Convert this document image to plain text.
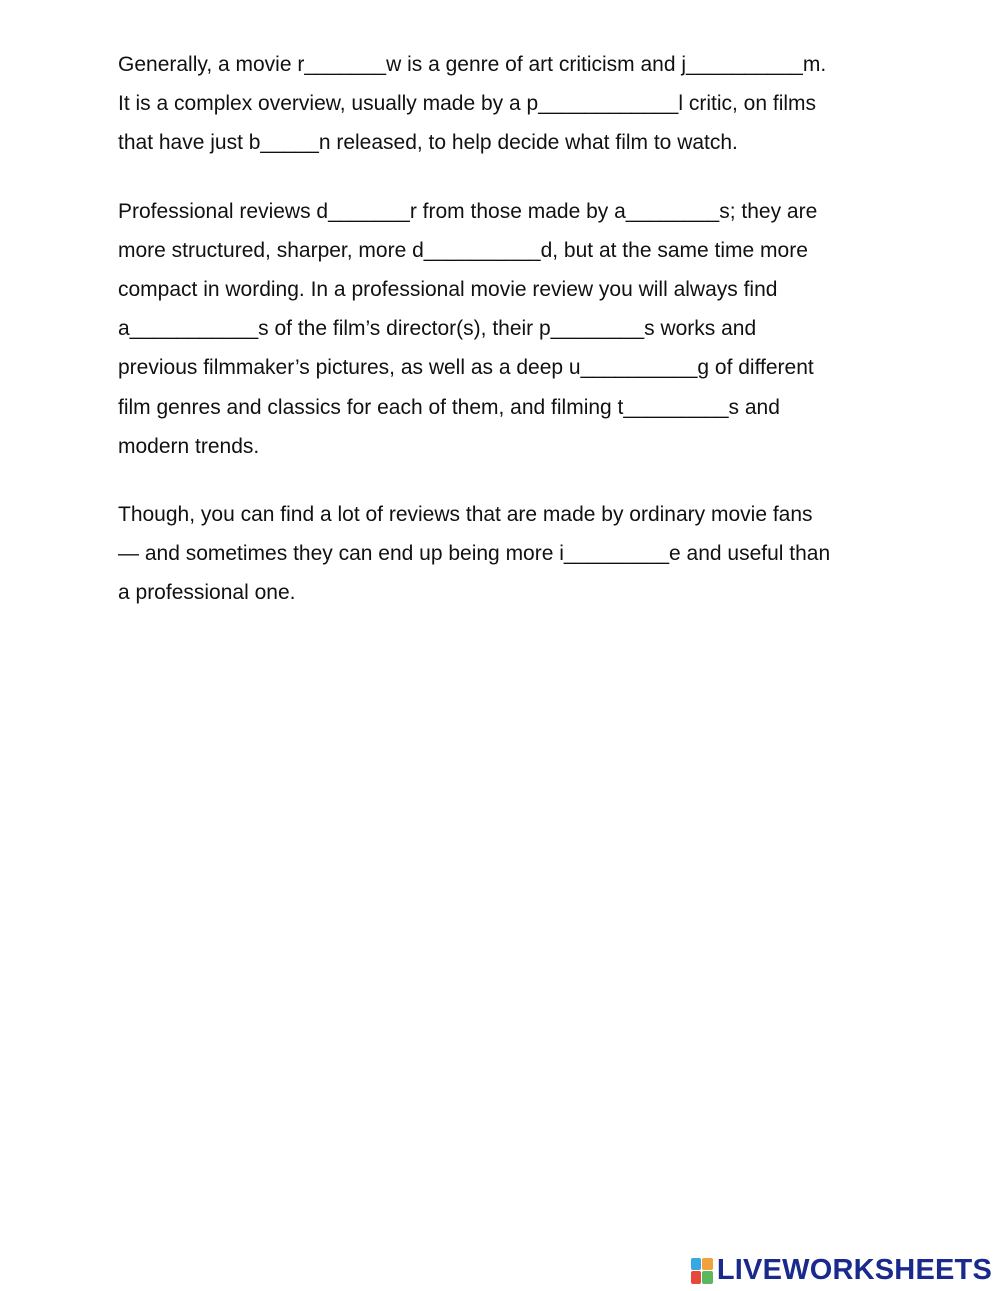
Generally, a movie r_______w is a genre of art criticism and j__________m.
It is a complex overview, usually made by a p____________l critic, on films
that have just b_____n released, to help decide what film to watch.

Professional reviews d_______r from those made by a________s; they are
more structured, sharper, more d__________d, but at the same time more
compact in wording. In a professional movie review you will always find
a___________s of the film’s director(s), their p________s works and
previous filmmaker’s pictures, as well as a deep u__________g of different
film genres and classics for each of them, and filming t_________s and
modern trends.

Though, you can find a lot of reviews that are made by ordinary movie fans
— and sometimes they can end up being more i_________e and useful than
a professional one.

LIVEWORKSHEETS
